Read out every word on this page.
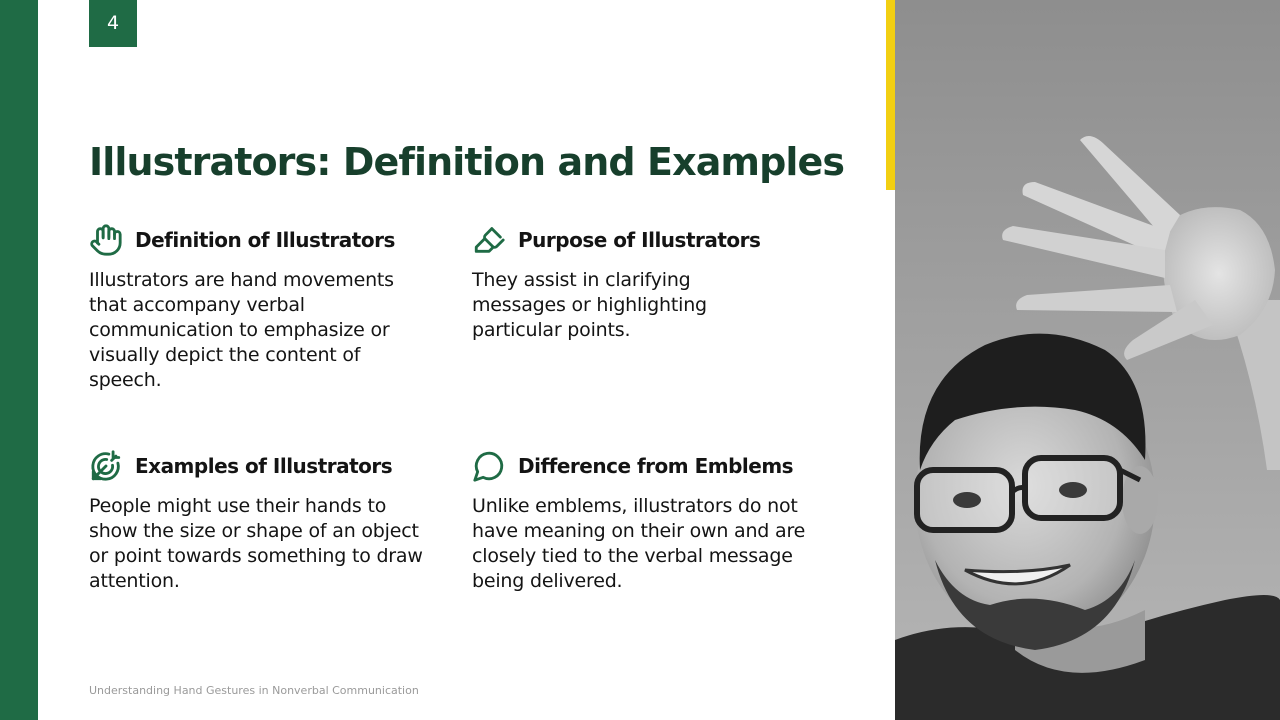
4
Illustrators: Definition and Examples
Definition of Illustrators

Illustrators are hand movements that accompany verbal communication to emphasize or visually depict the content of speech.

Purpose of Illustrators

They assist in clarifying messages or highlighting particular points.

Examples of Illustrators

People might use their hands to show the size or shape of an object or point towards something to draw attention.

Difference from Emblems

Unlike emblems, illustrators do not have meaning on their own and are closely tied to the verbal message being delivered.

Understanding Hand Gestures in Nonverbal Communication
